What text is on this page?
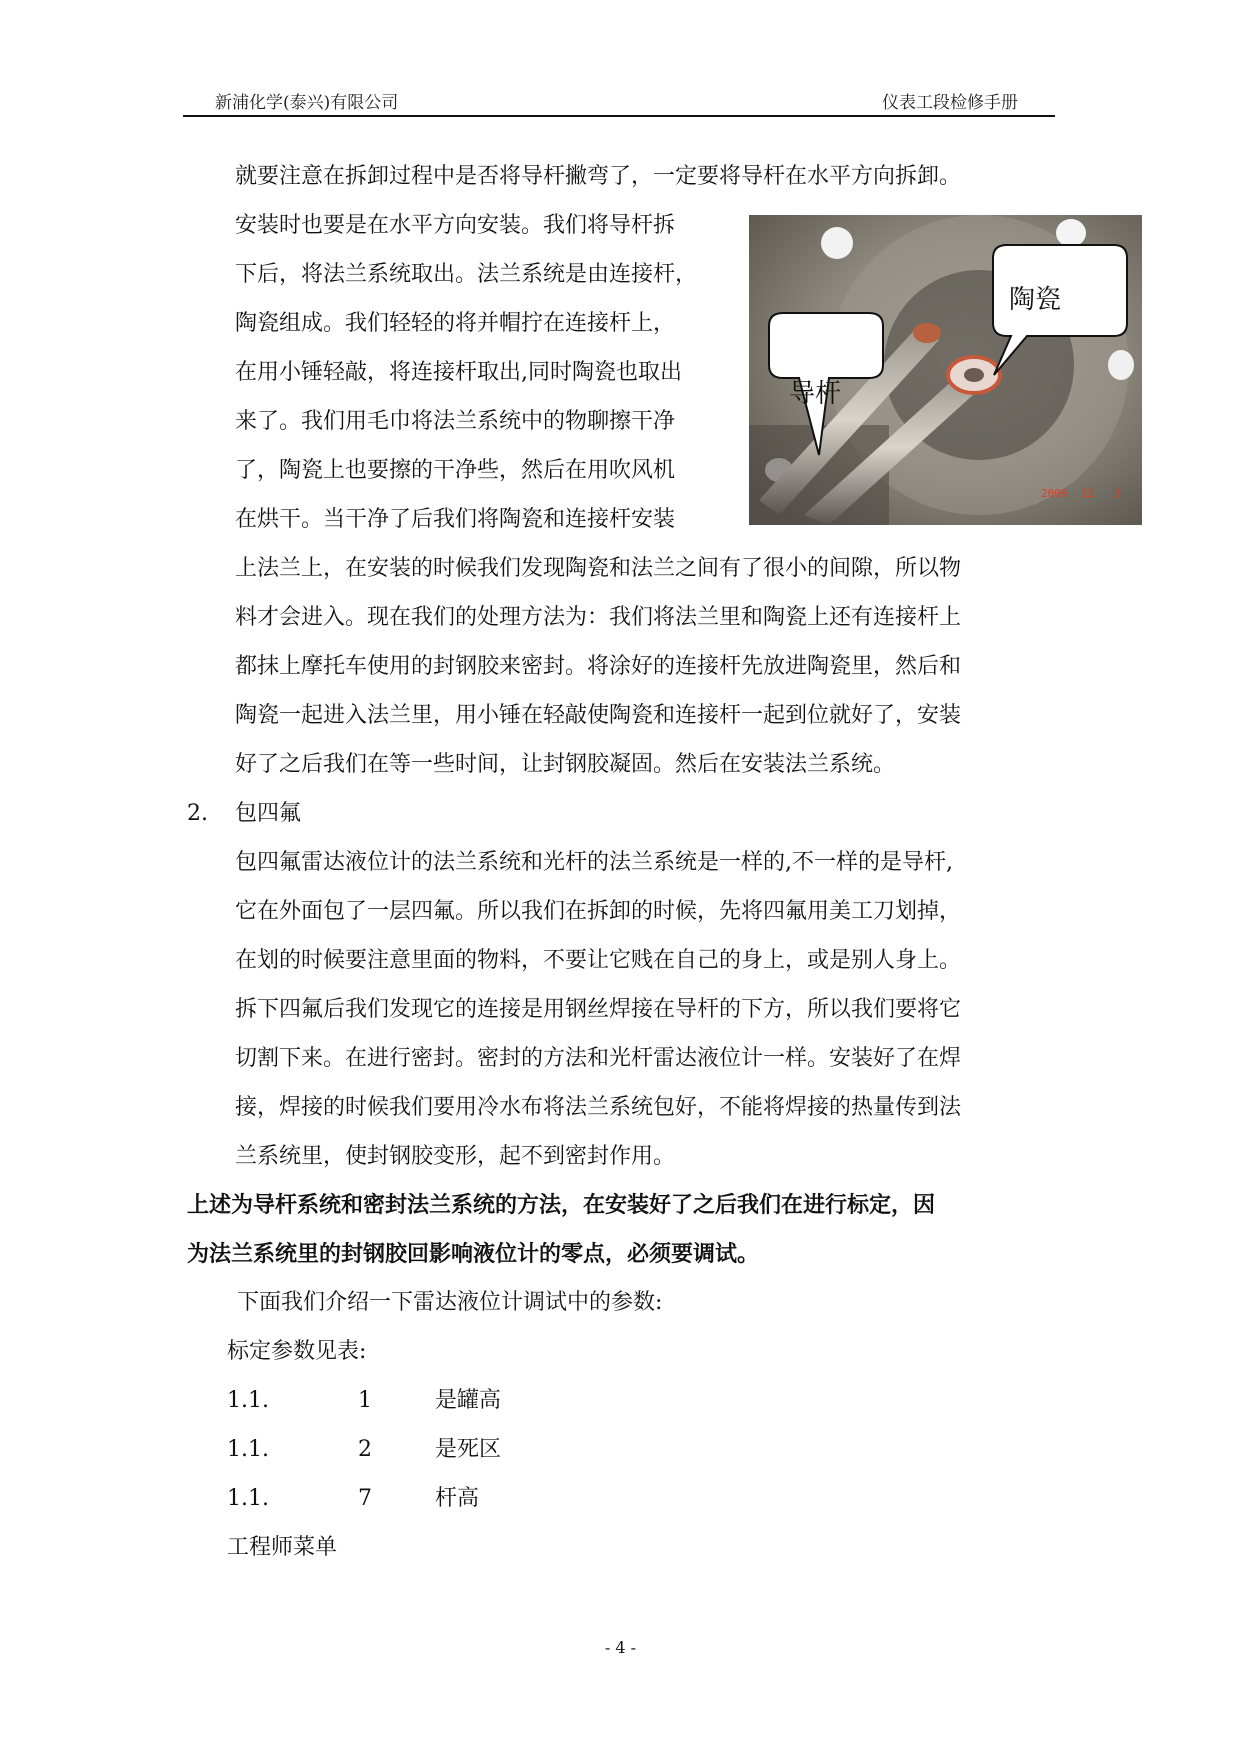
新浦化学(泰兴)有限公司	仪表工段检修手册
就要注意在拆卸过程中是否将导杆撇弯了，一定要将导杆在水平方向拆卸。
安装时也要是在水平方向安装。我们将导杆拆
下后，将法兰系统取出。法兰系统是由连接杆，
陶瓷组成。我们轻轻的将并帽拧在连接杆上，
在用小锤轻敲，将连接杆取出,同时陶瓷也取出
来了。我们用毛巾将法兰系统中的物聊擦干净
了，陶瓷上也要擦的干净些，然后在用吹风机
在烘干。当干净了后我们将陶瓷和连接杆安装
上法兰上，在安装的时候我们发现陶瓷和法兰之间有了很小的间隙，所以物
料才会进入。现在我们的处理方法为：我们将法兰里和陶瓷上还有连接杆上
都抹上摩托车使用的封钢胶来密封。将涂好的连接杆先放进陶瓷里，然后和
陶瓷一起进入法兰里，用小锤在轻敲使陶瓷和连接杆一起到位就好了，安装
好了之后我们在等一些时间，让封钢胶凝固。然后在安装法兰系统。
陶瓷
导杆
2006  12   3
2. 包四氟
包四氟雷达液位计的法兰系统和光杆的法兰系统是一样的,不一样的是导杆,
它在外面包了一层四氟。所以我们在拆卸的时候，先将四氟用美工刀划掉，
在划的时候要注意里面的物料，不要让它贱在自己的身上，或是别人身上。
拆下四氟后我们发现它的连接是用钢丝焊接在导杆的下方，所以我们要将它
切割下来。在进行密封。密封的方法和光杆雷达液位计一样。安装好了在焊
接，焊接的时候我们要用冷水布将法兰系统包好，不能将焊接的热量传到法
兰系统里，使封钢胶变形，起不到密封作用。
上述为导杆系统和密封法兰系统的方法，在安装好了之后我们在进行标定，因
为法兰系统里的封钢胶回影响液位计的零点，必须要调试。
下面我们介绍一下雷达液位计调试中的参数:
标定参数见表:
1.1.	1	是罐高
1.1.	2	是死区
1.1.	7	杆高
工程师菜单
- 4 -
